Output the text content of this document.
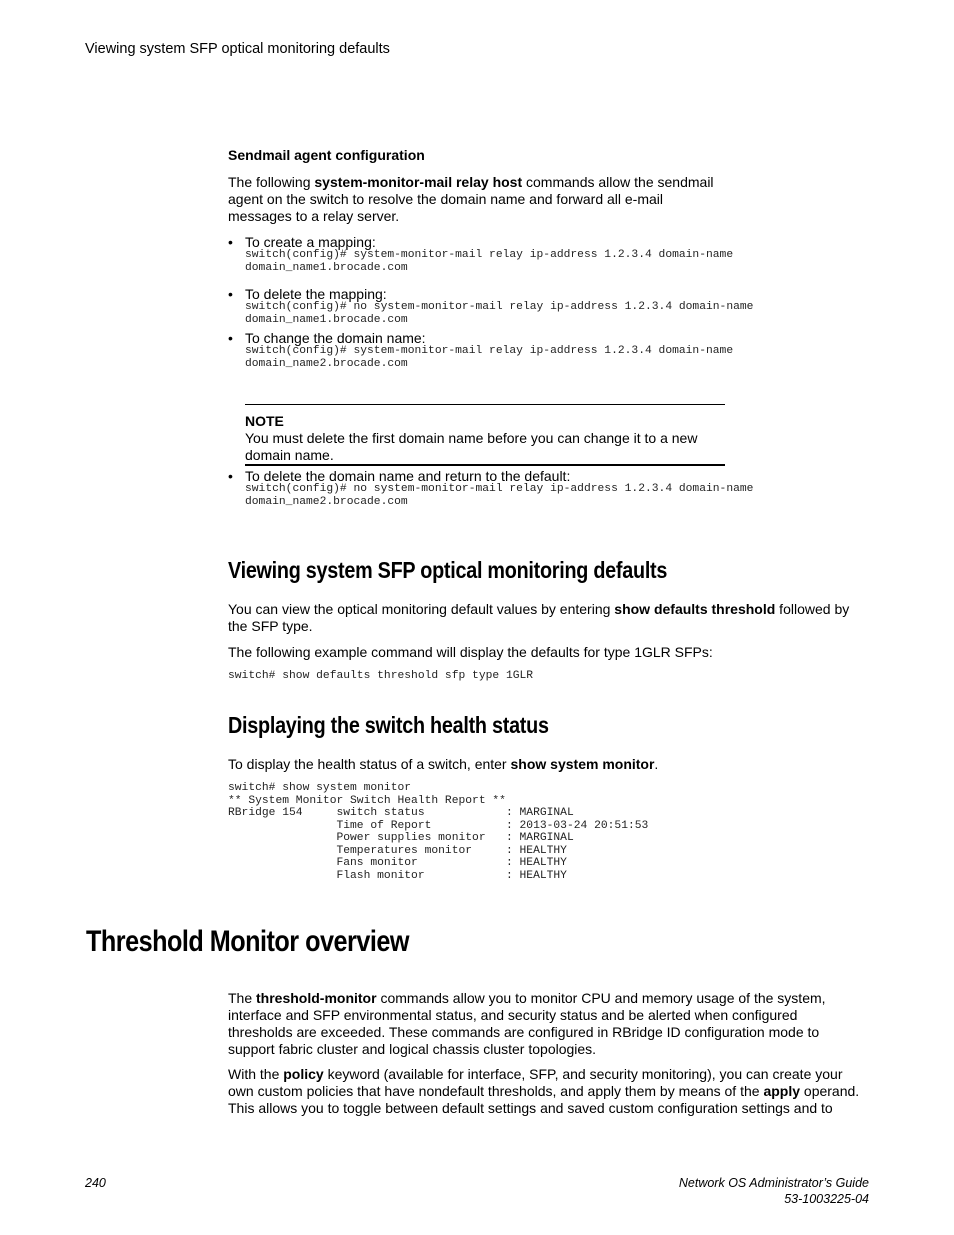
Viewing system SFP optical monitoring defaults
Sendmail agent configuration
The following system-monitor-mail relay host commands allow the sendmail
agent on the switch to resolve the domain name and forward all e-mail
messages to a relay server.
• To create a mapping:
switch(config)# system-monitor-mail relay ip-address 1.2.3.4 domain-name
domain_name1.brocade.com
• To delete the mapping:
switch(config)# no system-monitor-mail relay ip-address 1.2.3.4 domain-name
domain_name1.brocade.com
• To change the domain name:
switch(config)# system-monitor-mail relay ip-address 1.2.3.4 domain-name
domain_name2.brocade.com
NOTE
You must delete the first domain name before you can change it to a new
domain name.
• To delete the domain name and return to the default:
switch(config)# no system-monitor-mail relay ip-address 1.2.3.4 domain-name
domain_name2.brocade.com
Viewing system SFP optical monitoring defaults
You can view the optical monitoring default values by entering show defaults threshold followed by
the SFP type.
The following example command will display the defaults for type 1GLR SFPs:
switch# show defaults threshold sfp type 1GLR
Displaying the switch health status
To display the health status of a switch, enter show system monitor.
switch# show system monitor
** System Monitor Switch Health Report **
RBridge 154     switch status            : MARGINAL
Time of Report           : 2013-03-24 20:51:53
Power supplies monitor   : MARGINAL
Temperatures monitor     : HEALTHY
Fans monitor             : HEALTHY
Flash monitor            : HEALTHY
Threshold Monitor overview
The threshold-monitor commands allow you to monitor CPU and memory usage of the system,
interface and SFP environmental status, and security status and be alerted when configured
thresholds are exceeded. These commands are configured in RBridge ID configuration mode to
support fabric cluster and logical chassis cluster topologies.
With the policy keyword (available for interface, SFP, and security monitoring), you can create your
own custom policies that have nondefault thresholds, and apply them by means of the apply operand.
This allows you to toggle between default settings and saved custom configuration settings and to
240	Network OS Administrator’s Guide
53-1003225-04
